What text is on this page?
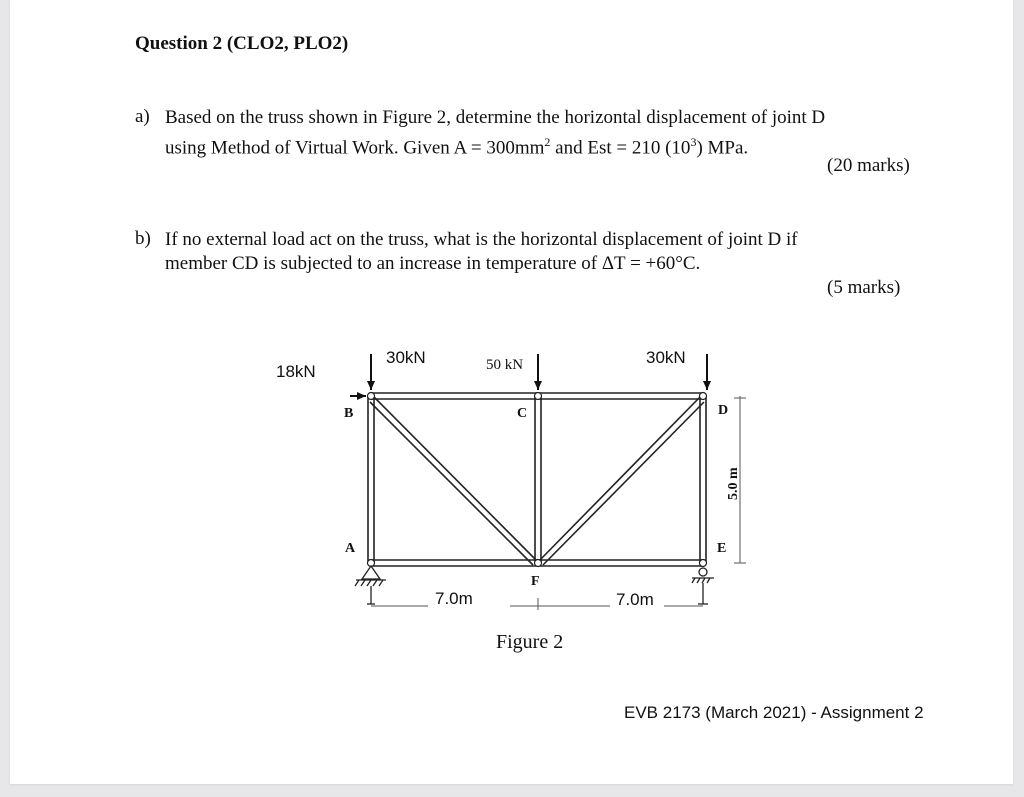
Question 2 (CLO2, PLO2)
a) Based on the truss shown in Figure 2, determine the horizontal displacement of joint D
using Method of Virtual Work. Given $A = 300mm^2$ and Est = 210 $(10^3)$ MPa.
(20 marks)
b) If no external load act on the truss, what is the horizontal displacement of joint D if
member CD is subjected to an increase in temperature of ΔT = +60°C.
(5 marks)
18kN
30kN	50 kN	30kN
B	C	D
A	E
F
7.0m	7.0m
5.0 m
Figure 2
EVB 2173 (March 2021) - Assignment 2
